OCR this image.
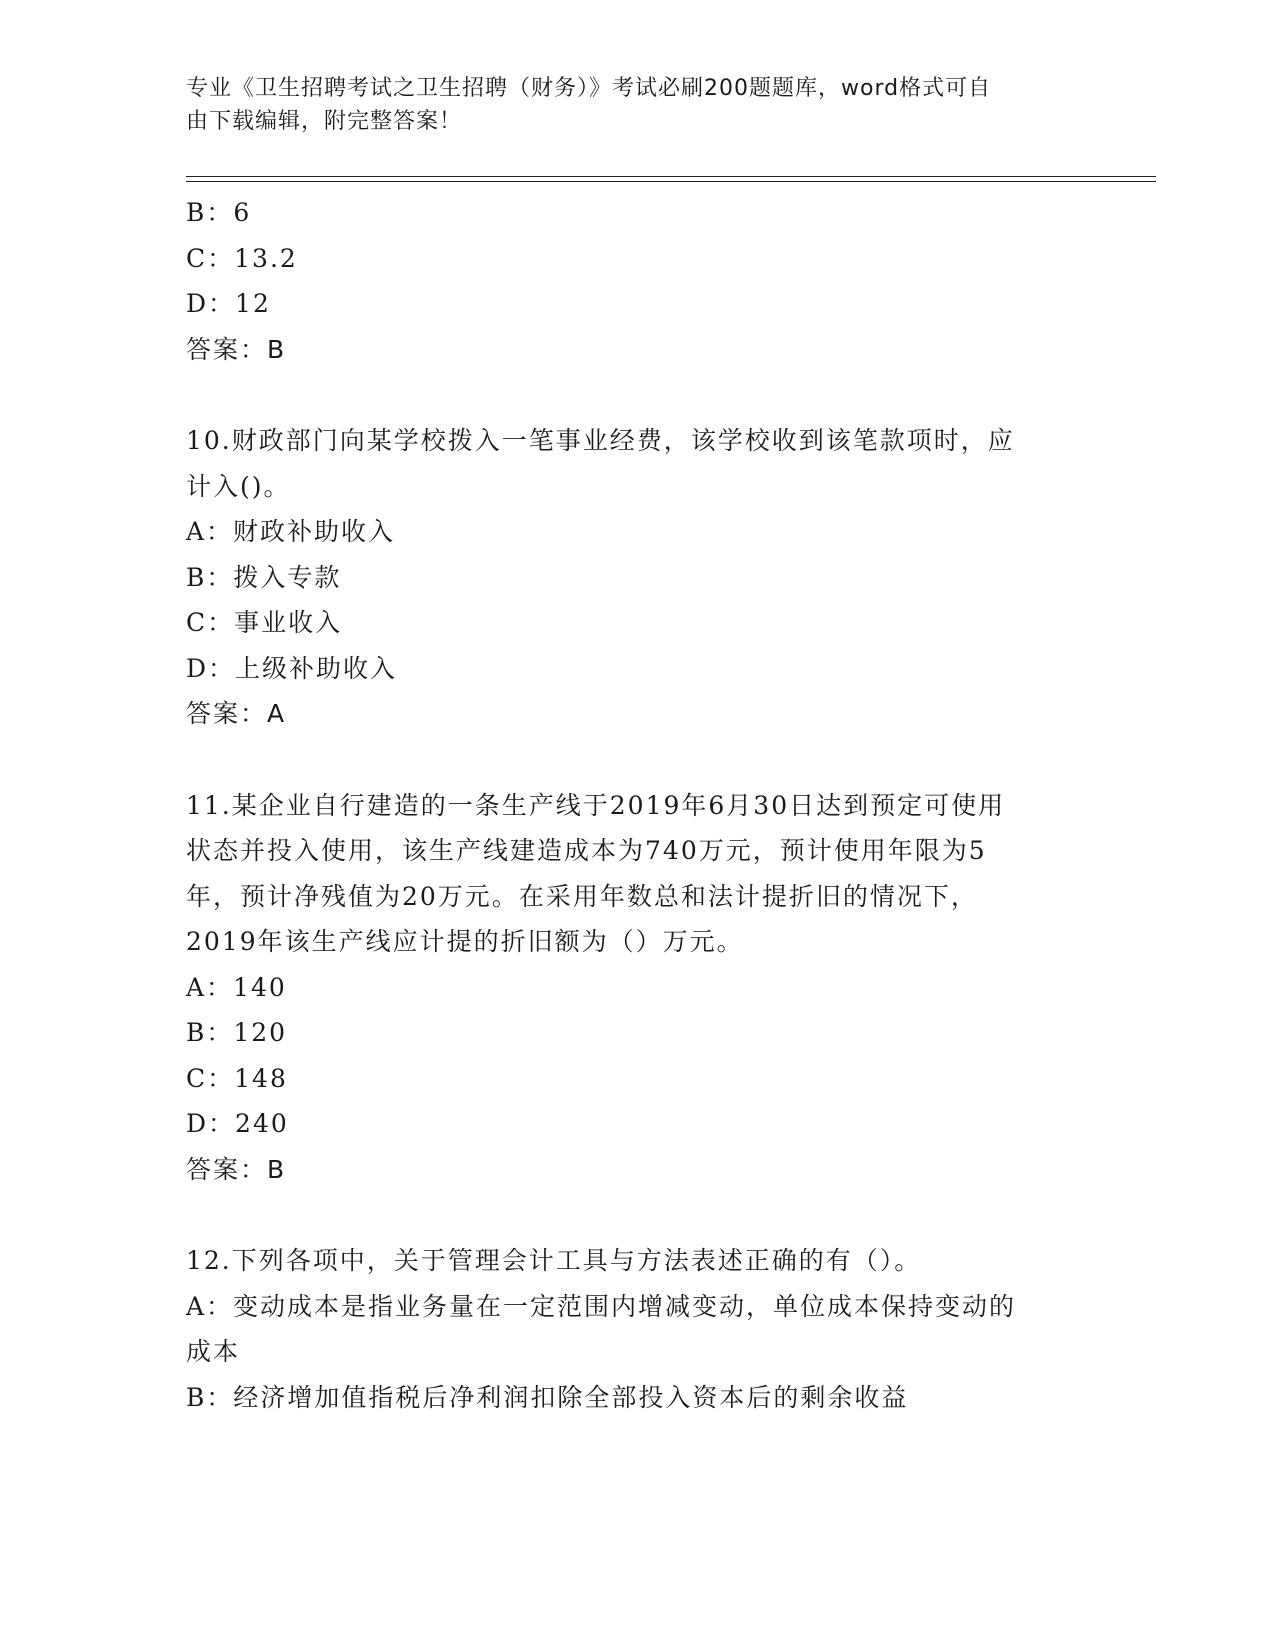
专业《卫生招聘考试之卫生招聘（财务）》考试必刷200题题库，word格式可自
由下载编辑，附完整答案！
B：6
C：13.2
D：12
答案：B
10.财政部门向某学校拨入一笔事业经费，该学校收到该笔款项时，应
计入()。
A：财政补助收入
B：拨入专款
C：事业收入
D：上级补助收入
答案：A
11.某企业自行建造的一条生产线于2019年6月30日达到预定可使用
状态并投入使用，该生产线建造成本为740万元，预计使用年限为5
年，预计净残值为20万元。在采用年数总和法计提折旧的情况下，
2019年该生产线应计提的折旧额为（）万元。
A：140
B：120
C：148
D：240
答案：B
12.下列各项中，关于管理会计工具与方法表述正确的有（）。
A：变动成本是指业务量在一定范围内增减变动，单位成本保持变动的
成本
B：经济增加值指税后净利润扣除全部投入资本后的剩余收益
